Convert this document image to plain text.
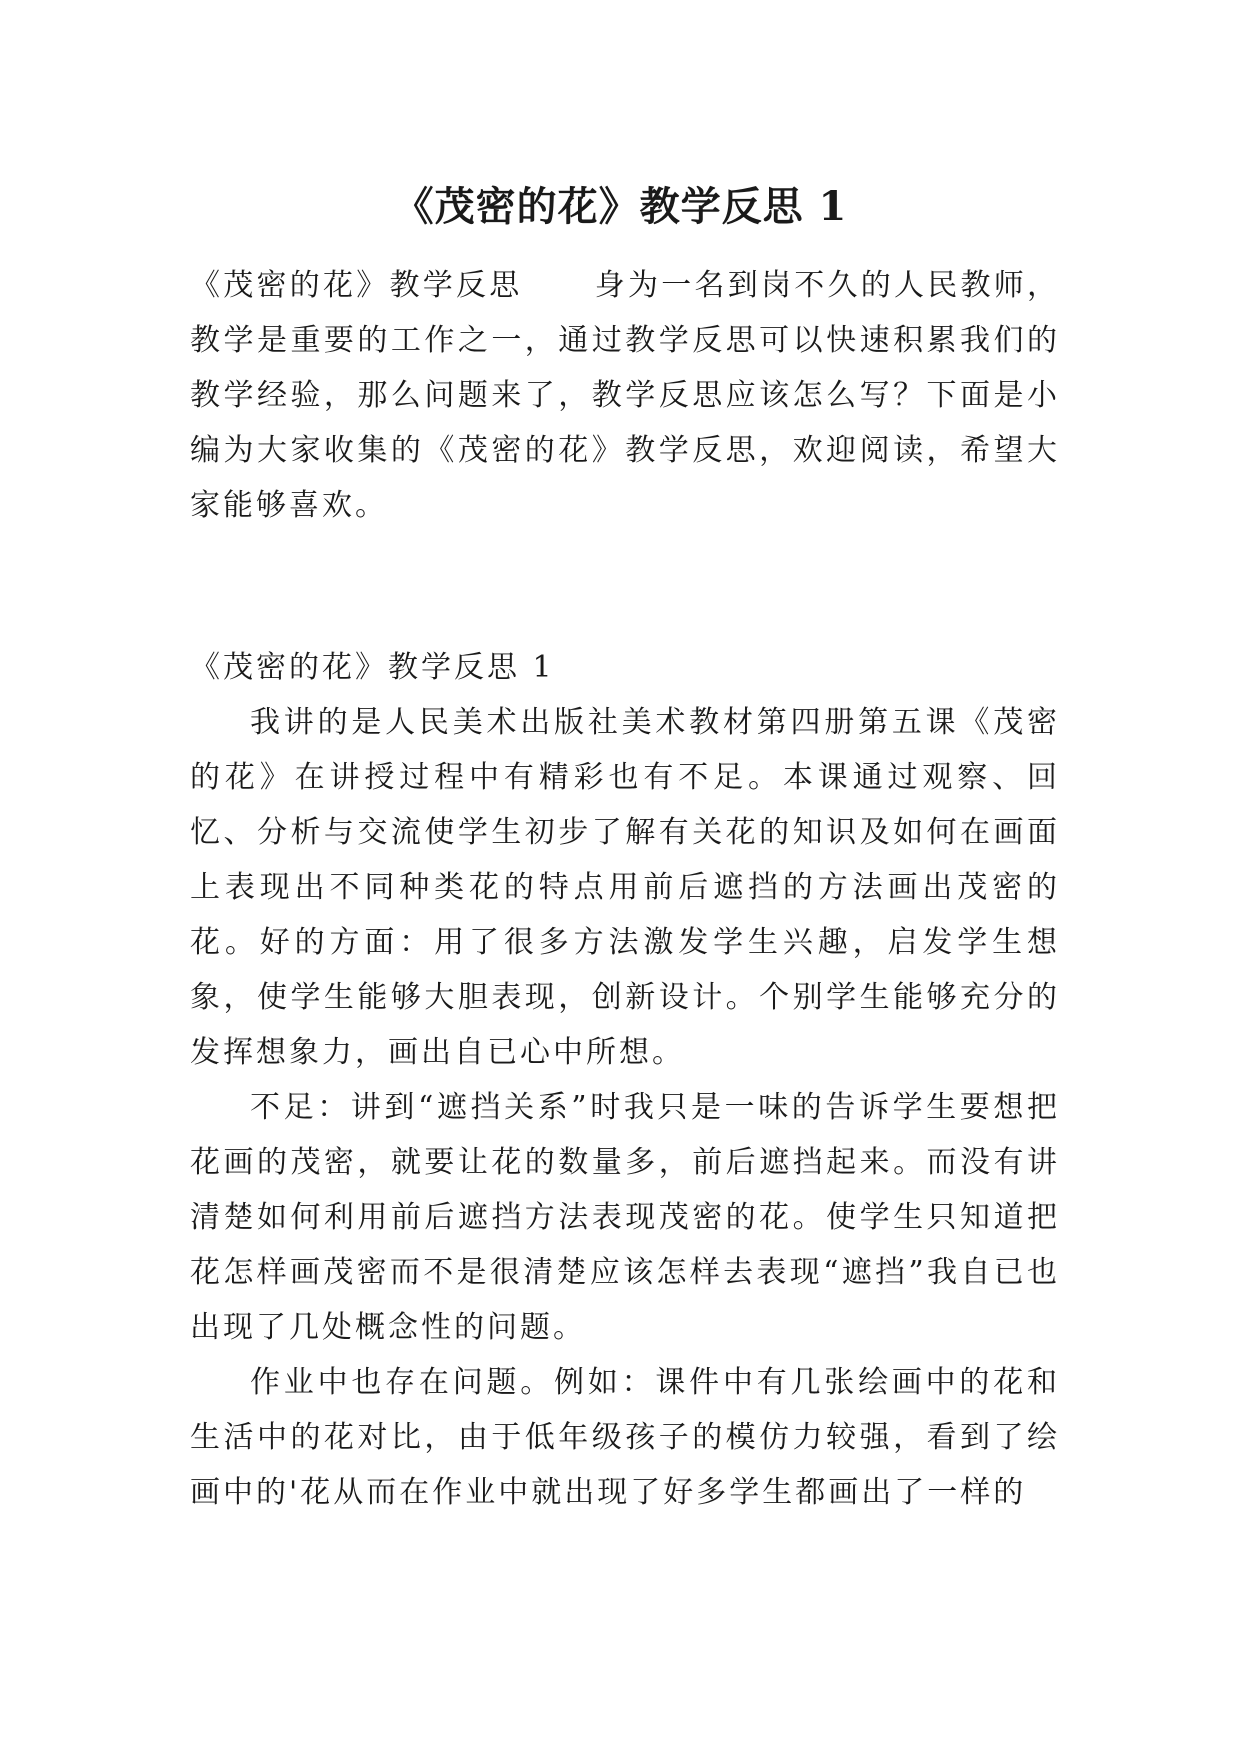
《茂密的花》教学反思 1

《茂密的花》教学反思 身为一名到岗不久的人民教师，教学是重要的工作之一，通过教学反思可以快速积累我们的教学经验，那么问题来了，教学反思应该怎么写？下面是小编为大家收集的《茂密的花》教学反思，欢迎阅读，希望大家能够喜欢。

《茂密的花》教学反思 1

我讲的是人民美术出版社美术教材第四册第五课《茂密的花》在讲授过程中有精彩也有不足。本课通过观察、回忆、分析与交流使学生初步了解有关花的知识及如何在画面上表现出不同种类花的特点用前后遮挡的方法画出茂密的花。好的方面：用了很多方法激发学生兴趣，启发学生想象，使学生能够大胆表现，创新设计。个别学生能够充分的发挥想象力，画出自已心中所想。

不足：讲到“遮挡关系”时我只是一味的告诉学生要想把花画的茂密，就要让花的数量多，前后遮挡起来。而没有讲清楚如何利用前后遮挡方法表现茂密的花。使学生只知道把花怎样画茂密而不是很清楚应该怎样去表现“遮挡”我自已也出现了几处概念性的问题。

作业中也存在问题。例如：课件中有几张绘画中的花和生活中的花对比，由于低年级孩子的模仿力较强，看到了绘画中的'花从而在作业中就出现了好多学生都画出了一样的
